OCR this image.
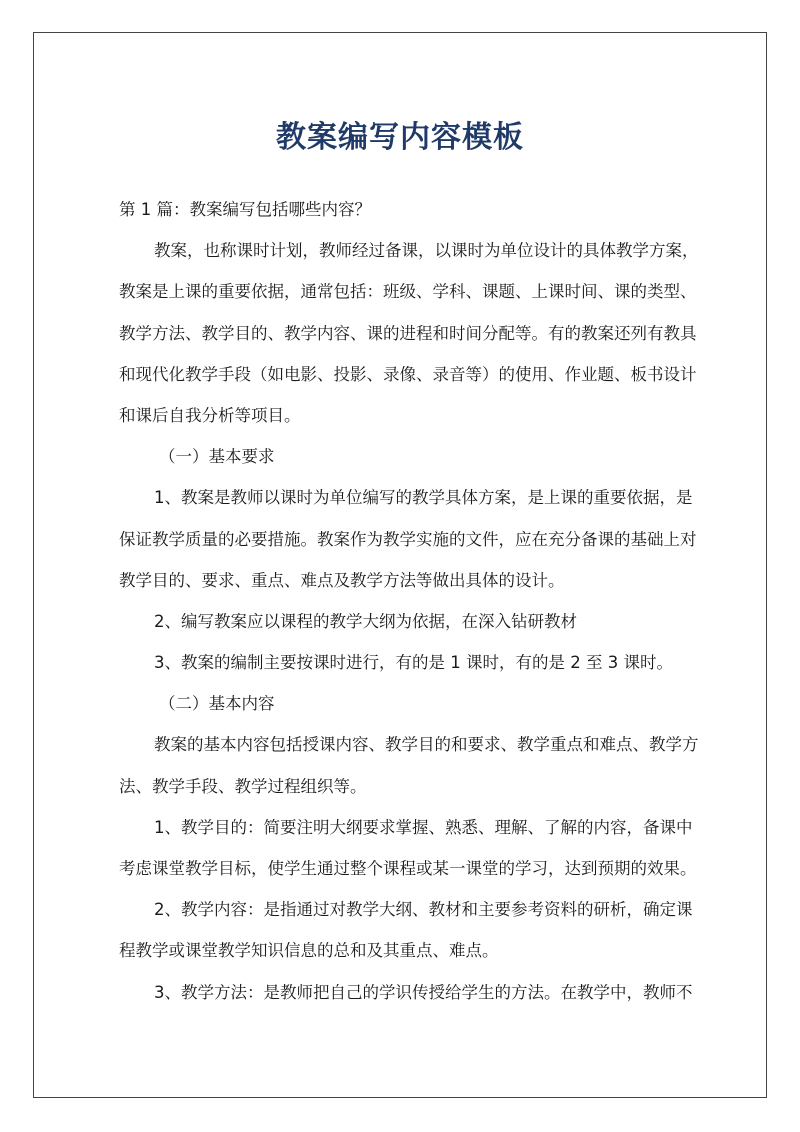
教案编写内容模板
第 1 篇：教案编写包括哪些内容？
教案，也称课时计划，教师经过备课，以课时为单位设计的具体教学方案，
教案是上课的重要依据，通常包括：班级、学科、课题、上课时间、课的类型、
教学方法、教学目的、教学内容、课的进程和时间分配等。有的教案还列有教具
和现代化教学手段（如电影、投影、录像、录音等）的使用、作业题、板书设计
和课后自我分析等项目。
（一）基本要求
1、教案是教师以课时为单位编写的教学具体方案，是上课的重要依据，是
保证教学质量的必要措施。教案作为教学实施的文件，应在充分备课的基础上对
教学目的、要求、重点、难点及教学方法等做出具体的设计。
2、编写教案应以课程的教学大纲为依据，在深入钻研教材
3、教案的编制主要按课时进行，有的是 1 课时，有的是 2 至 3 课时。
（二）基本内容
教案的基本内容包括授课内容、教学目的和要求、教学重点和难点、教学方
法、教学手段、教学过程组织等。
1、教学目的：简要注明大纲要求掌握、熟悉、理解、了解的内容，备课中
考虑课堂教学目标，使学生通过整个课程或某一课堂的学习，达到预期的效果。
2、教学内容：是指通过对教学大纲、教材和主要参考资料的研析，确定课
程教学或课堂教学知识信息的总和及其重点、难点。
3、教学方法：是教师把自己的学识传授给学生的方法。在教学中，教师不
